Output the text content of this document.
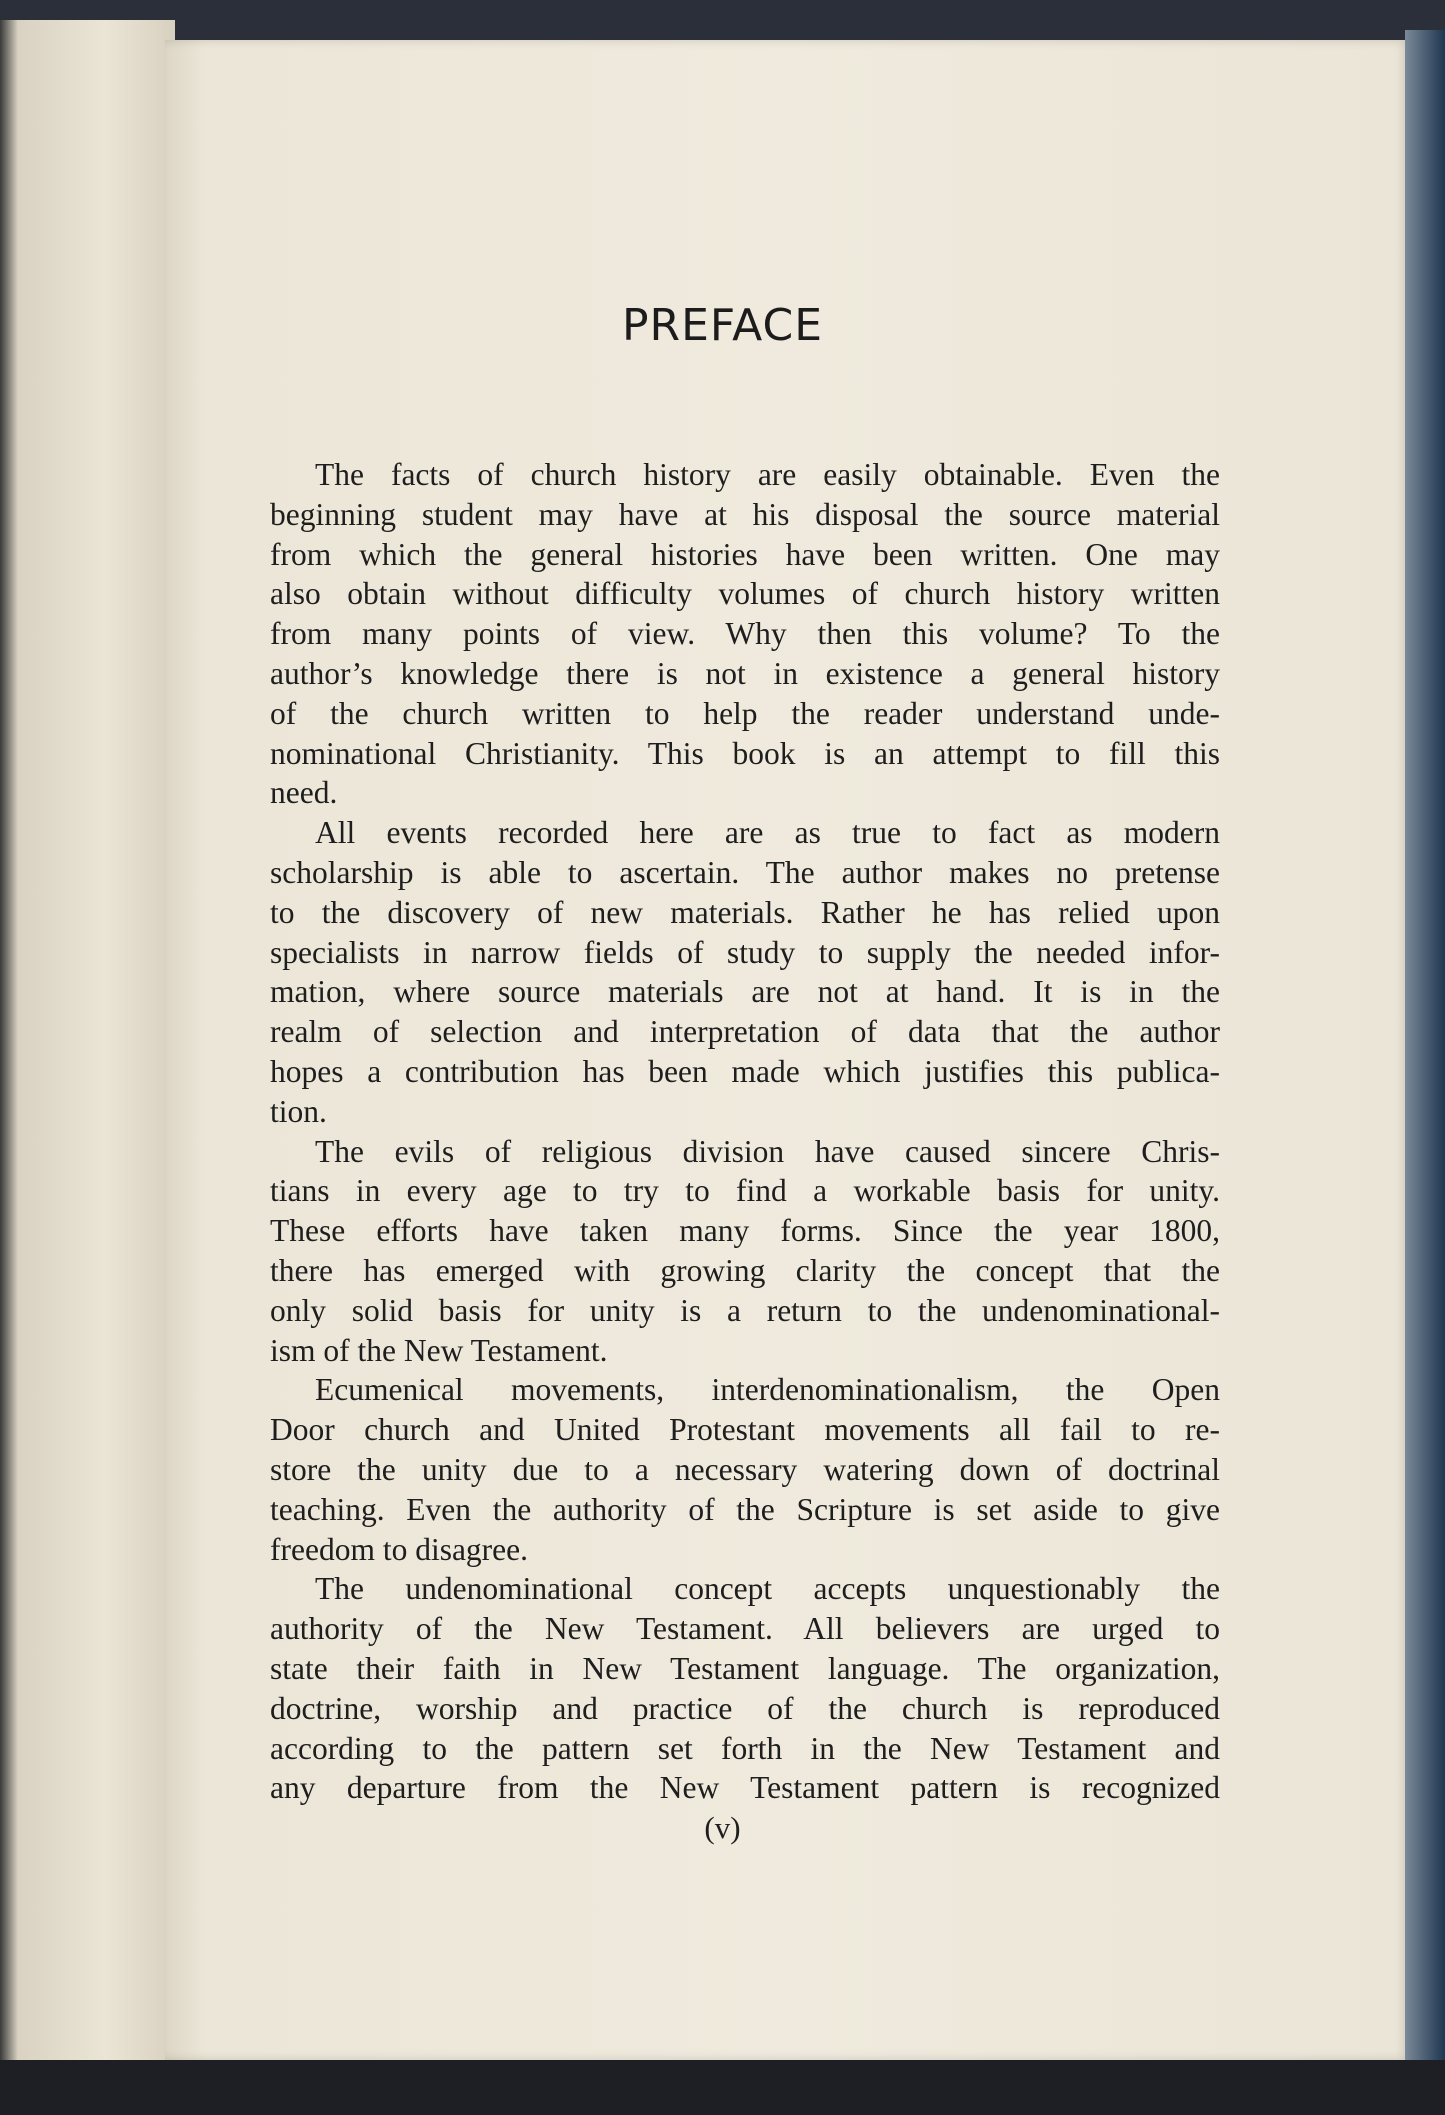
PREFACE
The facts of church history are easily obtainable. Even the
beginning student may have at his disposal the source material
from which the general histories have been written. One may
also obtain without difficulty volumes of church history written
from many points of view. Why then this volume? To the
author’s knowledge there is not in existence a general history
of the church written to help the reader understand unde-
nominational Christianity. This book is an attempt to fill this
need.
All events recorded here are as true to fact as modern
scholarship is able to ascertain. The author makes no pretense
to the discovery of new materials. Rather he has relied upon
specialists in narrow fields of study to supply the needed infor-
mation, where source materials are not at hand. It is in the
realm of selection and interpretation of data that the author
hopes a contribution has been made which justifies this publica-
tion.
The evils of religious division have caused sincere Chris-
tians in every age to try to find a workable basis for unity.
These efforts have taken many forms. Since the year 1800,
there has emerged with growing clarity the concept that the
only solid basis for unity is a return to the undenominational-
ism of the New Testament.
Ecumenical movements, interdenominationalism, the Open
Door church and United Protestant movements all fail to re-
store the unity due to a necessary watering down of doctrinal
teaching. Even the authority of the Scripture is set aside to give
freedom to disagree.
The undenominational concept accepts unquestionably the
authority of the New Testament. All believers are urged to
state their faith in New Testament language. The organization,
doctrine, worship and practice of the church is reproduced
according to the pattern set forth in the New Testament and
any departure from the New Testament pattern is recognized
(v)
